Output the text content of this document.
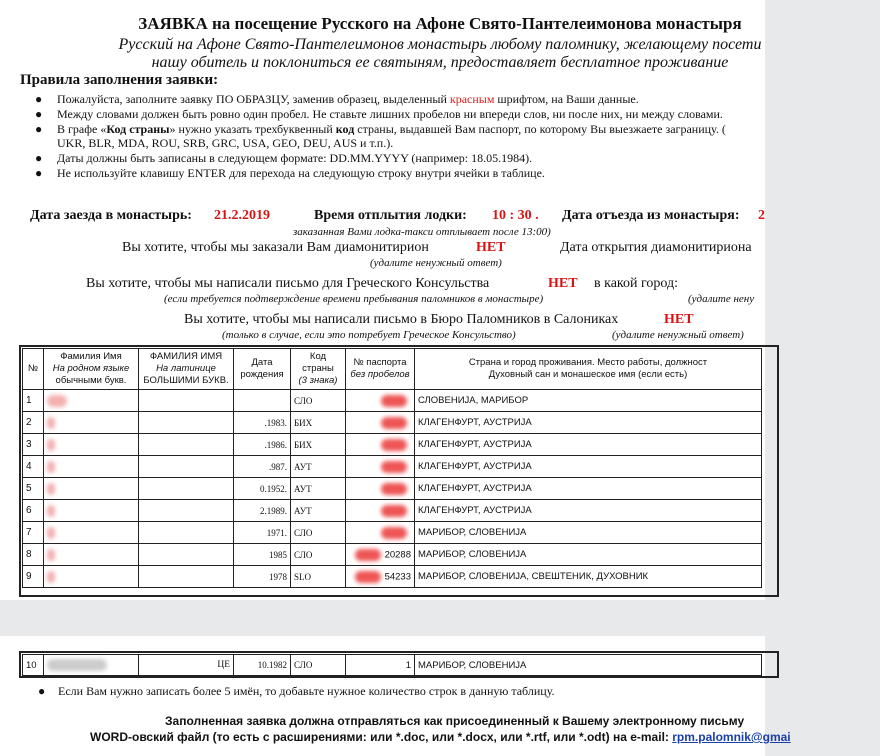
ЗАЯВКА на посещение Русского на Афоне Свято-Пантелеимонова монастыря
Русский на Афоне Свято-Пантелеимонов монастырь любому паломнику, желающему посети
нашу обитель и поклониться ее святыням, предоставляет бесплатное проживание
Правила заполнения заявки:
● Пожалуйста, заполните заявку ПО ОБРАЗЦУ, заменив образец, выделенный красным шрифтом, на Ваши данные.
● Между словами должен быть ровно один пробел. Не ставьте лишних пробелов ни впереди слов, ни после них, ни между словами.
● В графе «Код страны» нужно указать трехбуквенный код страны, выдавшей Вам паспорт, по которому Вы выезжаете заграницу. (
UKR, BLR, MDA, ROU, SRB, GRC, USA, GEO, DEU, AUS и т.п.).
● Даты должны быть записаны в следующем формате: DD.MM.YYYY (например: 18.05.1984).
● Не используйте клавишу ENTER для перехода на следующую строку внутри ячейки в таблице.
Дата заезда в монастырь: 21.2.2019	Время отплытия лодки: 10 : 30 . Дата отъезда из монастыря: 2
заказанная Вами лодка-такси отплывает после 13:00)
Вы хотите, чтобы мы заказали Вам диамонитирион	НЕТ	Дата открытия диамонитириона
(удалите ненужный ответ)
Вы хотите, чтобы мы написали письмо для Греческого Консульства	НЕТ в какой город:
(если требуется подтверждение времени пребывания паломников в монастыре)	(удалите нену
Вы хотите, чтобы мы написали письмо в Бюро Паломников в Салониках	НЕТ
(только в случае, если это потребует Греческое Консульство)	(удалите ненужный ответ)
№	Фамилия Имя
На родном языке
обычными букв.	ФАМИЛИЯ ИМЯ
На латинице
БОЛЬШИМИ БУКВ.	Дата
рождения	Код
страны
(3 знака)	№ паспорта
без пробелов	Страна и город проживания. Место работы, должност
Духовный сан и монашеское имя (если есть)
1				СЛО		СЛОВЕНИЈА, МАРИБОР
2			.1983.	БИХ		КЛАГЕНФУРТ, АУСТРИЈА
3			.1986.	БИХ		КЛАГЕНФУРТ, АУСТРИЈА
4			.987.	АУТ		КЛАГЕНФУРТ, АУСТРИЈА
5			0.1952.	АУТ		КЛАГЕНФУРТ, АУСТРИЈА
6			2.1989.	АУТ		КЛАГЕНФУРТ, АУСТРИЈА
7			1971.	СЛО		МАРИБОР, СЛОВЕНИЈА
8			1985	СЛО	20288	МАРИБОР, СЛОВЕНИЈА
9			1978	SLO	54233	МАРИБОР, СЛОВЕНИЈА, СВЕШТЕНИК, ДУХОВНИК
10		ЦЕ	10.1982	СЛО	1	МАРИБОР, СЛОВЕНИЈА
● Если Вам нужно записать более 5 имён, то добавьте нужное количество строк в данную таблицу.
Заполненная заявка должна отправляться как присоединенный к Вашему электронному письму
WORD-овский файл (то есть с расширениями: или *.doc, или *.docx, или *.rtf, или *.odt) на e-mail: rpm.palomnik@gmai
